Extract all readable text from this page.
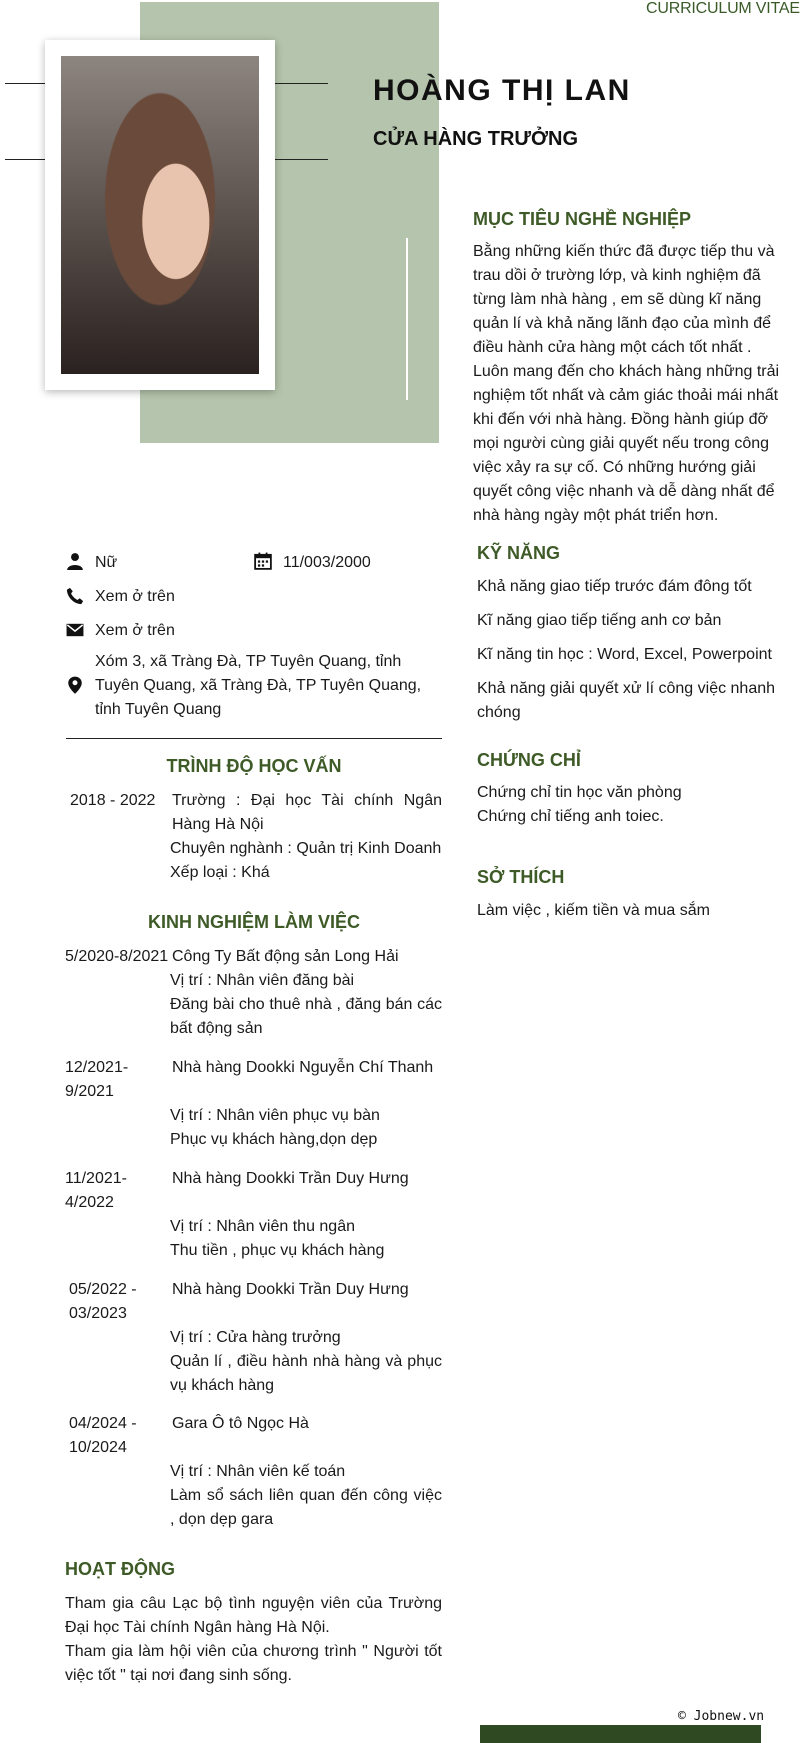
CURRICULUM VITAE
HOÀNG THỊ LAN
CỬA HÀNG TRƯỞNG
MỤC TIÊU NGHỀ NGHIỆP
Bằng những kiến thức đã được tiếp thu và trau dồi ở trường lớp, và kinh nghiệm đã từng làm nhà hàng , em sẽ dùng kĩ năng quản lí và khả năng lãnh đạo của mình để điều hành cửa hàng một cách tốt nhất . Luôn mang đến cho khách hàng những trải nghiệm tốt nhất và cảm giác thoải mái nhất khi đến với nhà hàng. Đồng hành giúp đỡ mọi người cùng giải quyết nếu trong công việc xảy ra sự cố. Có những hướng giải quyết công việc nhanh và dễ dàng nhất để nhà hàng ngày một phát triển hơn.
Nữ	11/003/2000
Xem ở trên
Xem ở trên
Xóm 3, xã Tràng Đà, TP Tuyên Quang, tỉnh Tuyên Quang, xã Tràng Đà, TP Tuyên Quang, tỉnh Tuyên Quang
TRÌNH ĐỘ HỌC VẤN
2018 - 2022 Trường : Đại học Tài chính Ngân Hàng Hà Nội
Chuyên nghành : Quản trị Kinh Doanh
Xếp loại : Khá
KINH NGHIỆM LÀM VIỆC
5/2020-8/2021 Công Ty Bất động sản Long Hải
Vị trí : Nhân viên đăng bài
Đăng bài cho thuê nhà , đăng bán các bất động sản
12/2021- 9/2021
Nhà hàng Dookki Nguyễn Chí Thanh
Vị trí : Nhân viên phục vụ bàn
Phục vụ khách hàng,dọn dẹp
11/2021- 4/2022
Nhà hàng Dookki Trần Duy Hưng
Vị trí : Nhân viên thu ngân
Thu tiền , phục vụ khách hàng
05/2022 - 03/2023
Nhà hàng Dookki Trần Duy Hưng
Vị trí : Cửa hàng trưởng
Quản lí , điều hành nhà hàng và phục vụ khách hàng
04/2024 - 10/2024
Gara Ô tô Ngọc Hà
Vị trí : Nhân viên kế toán
Làm sổ sách liên quan đến công việc , dọn dẹp gara
HOẠT ĐỘNG
Tham gia câu Lạc bộ tình nguyện viên của Trường Đại học Tài chính Ngân hàng Hà Nội.
Tham gia làm hội viên của chương trình " Người tốt việc tốt " tại nơi đang sinh sống.
KỸ NĂNG
Khả năng giao tiếp trước đám đông tốt
Kĩ năng giao tiếp tiếng anh cơ bản
Kĩ năng tin học : Word, Excel, Powerpoint
Khả năng giải quyết xử lí công việc nhanh chóng
CHỨNG CHỈ
Chứng chỉ tin học văn phòng
Chứng chỉ tiếng anh toiec.
SỞ THÍCH
Làm việc , kiếm tiền và mua sắm
© Jobnew.vn
